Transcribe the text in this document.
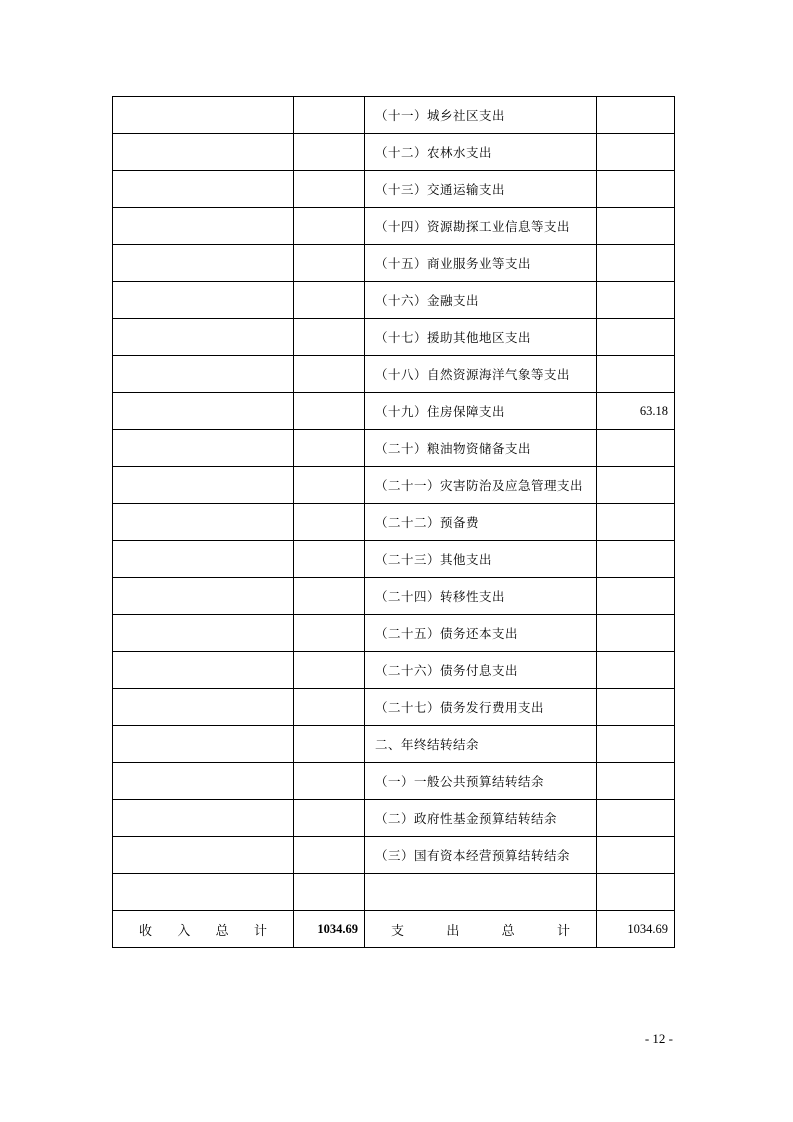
		（十一）城乡社区支出	
		（十二）农林水支出	
		（十三）交通运输支出	
		（十四）资源勘探工业信息等支出	
		（十五）商业服务业等支出	
		（十六）金融支出	
		（十七）援助其他地区支出	
		（十八）自然资源海洋气象等支出	
		（十九）住房保障支出	63.18
		（二十）粮油物资储备支出	
		（二十一）灾害防治及应急管理支出	
		（二十二）预备费	
		（二十三）其他支出	
		（二十四）转移性支出	
		（二十五）债务还本支出	
		（二十六）债务付息支出	
		（二十七）债务发行费用支出	
		二、年终结转结余	
		（一）一般公共预算结转结余	
		（二）政府性基金预算结转结余	
		（三）国有资本经营预算结转结余	

收 入 总 计	1034.69	支 出 总 计	1034.69
- 12 -
